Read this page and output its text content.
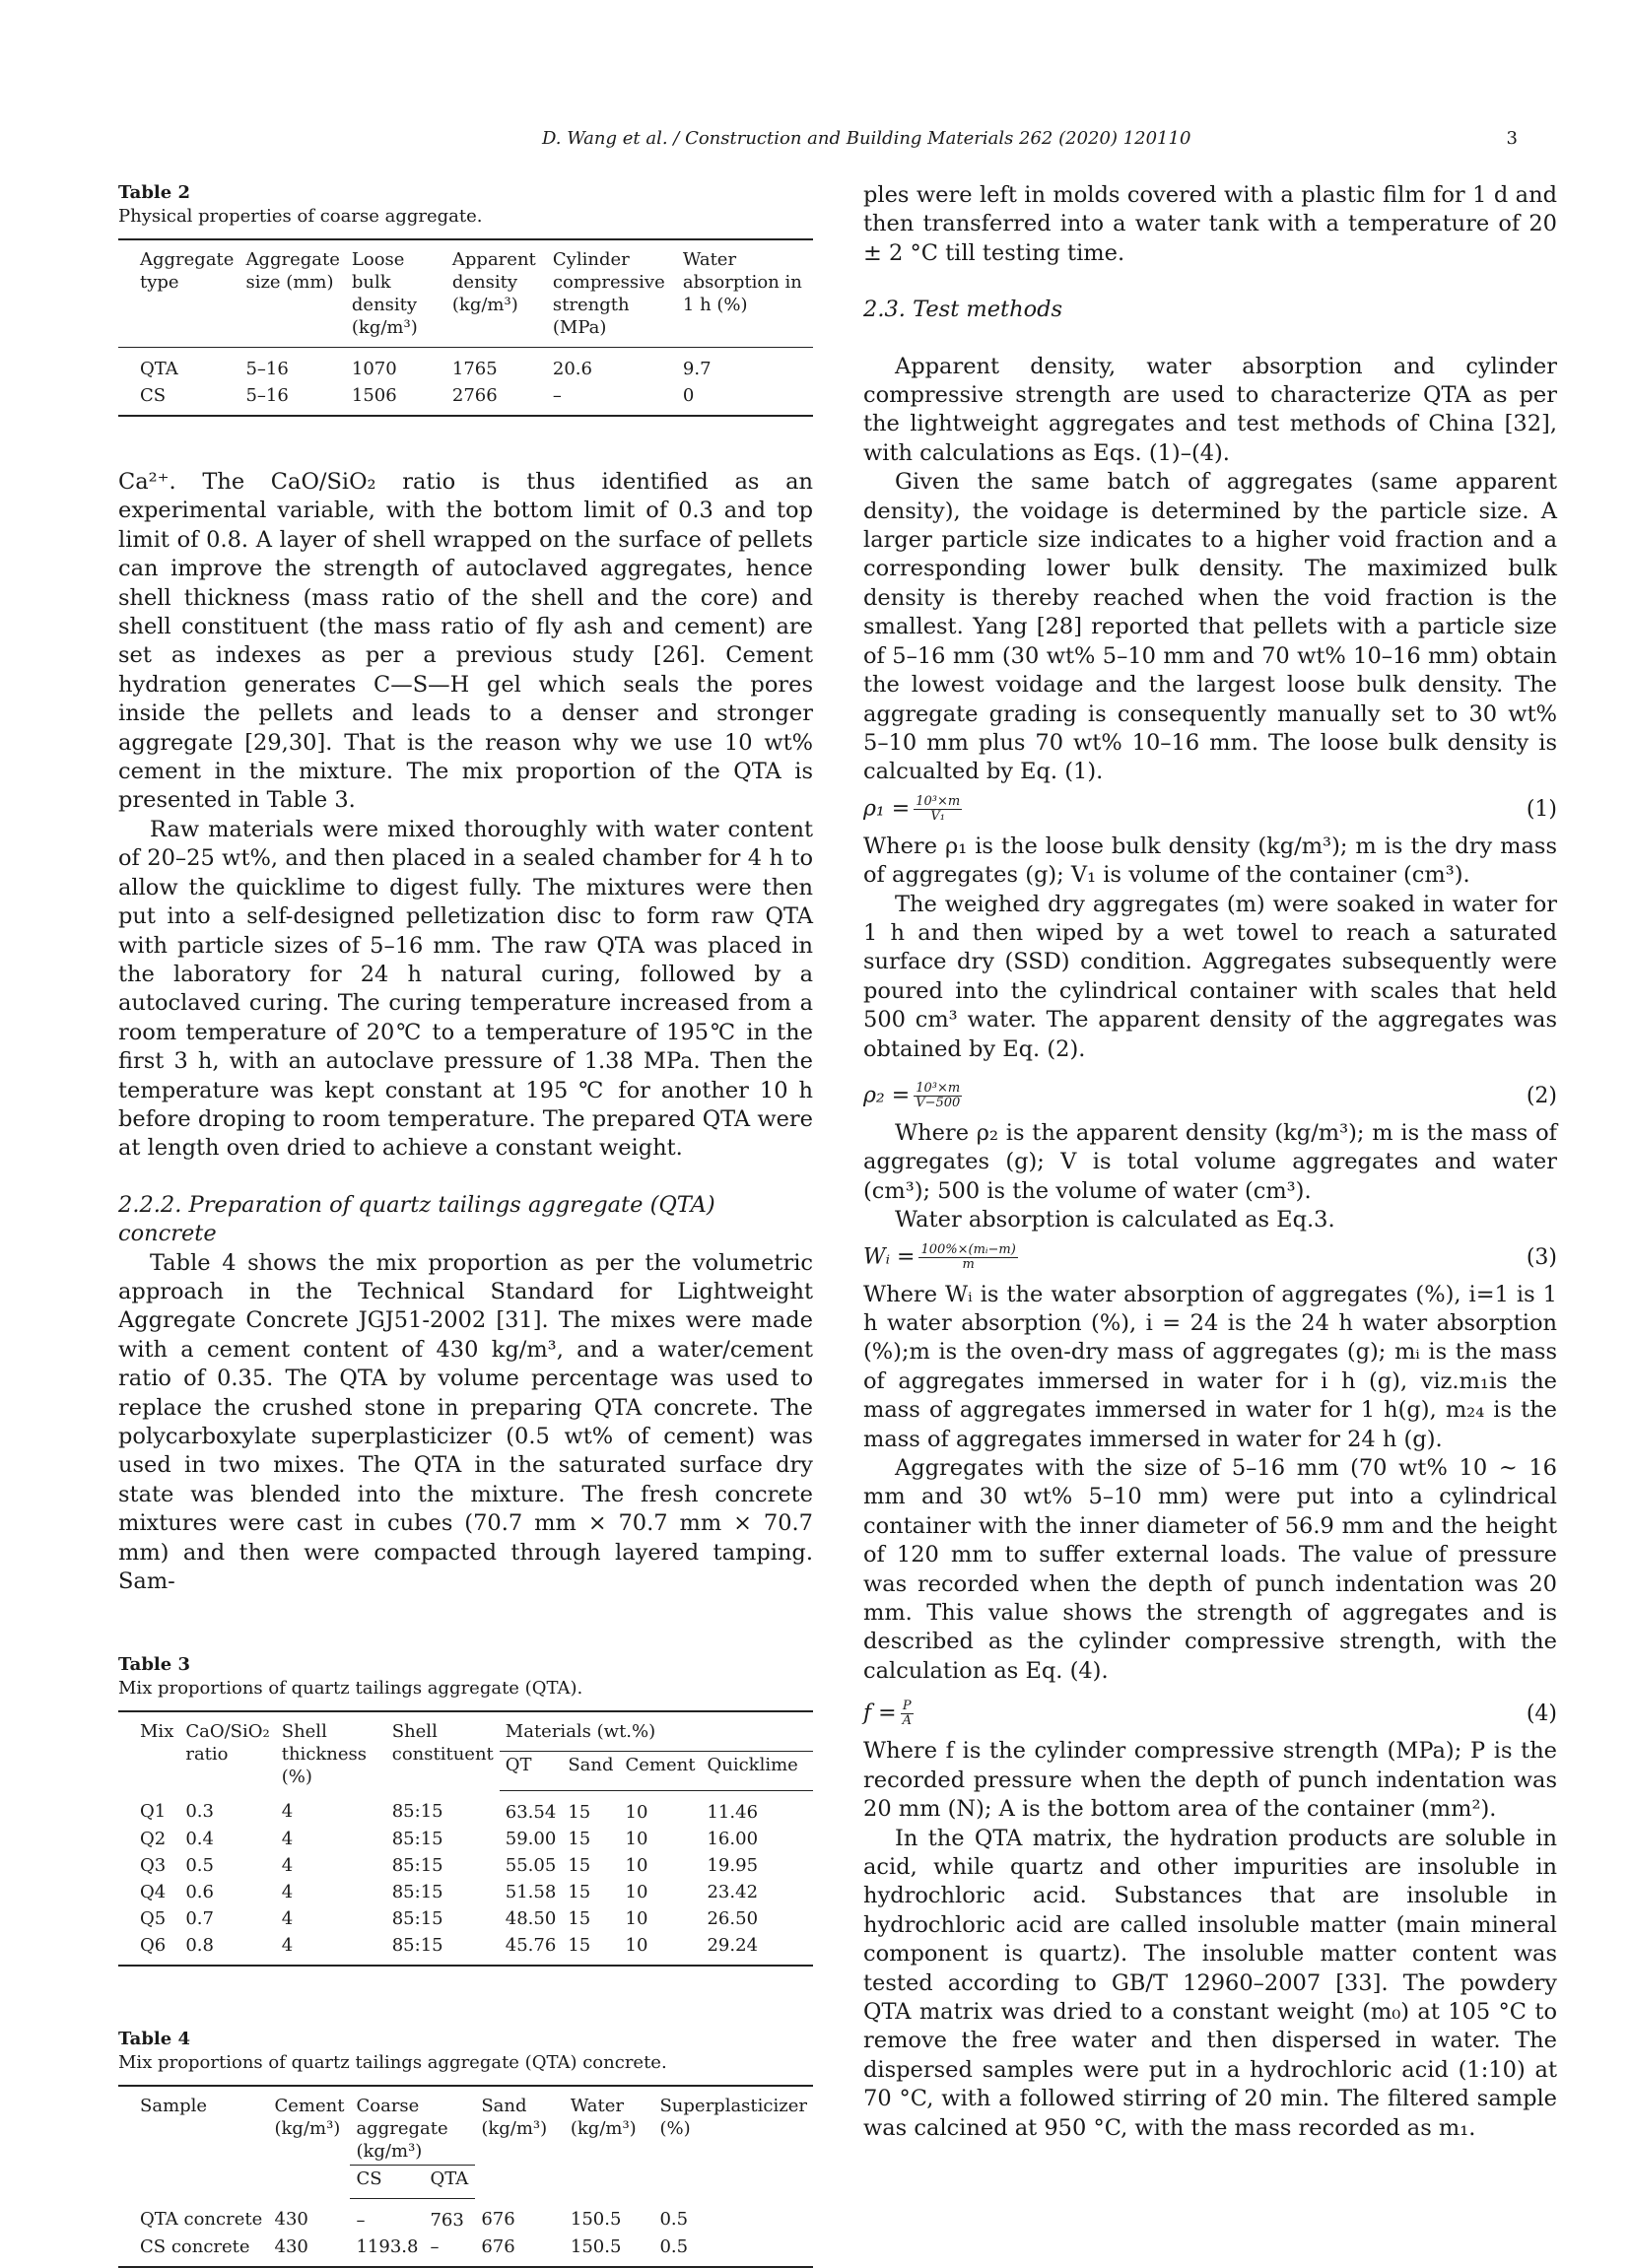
D. Wang et al. / Construction and Building Materials 262 (2020) 120110	3
Table 2
Physical properties of coarse aggregate.
Aggregate type	Aggregate size (mm)	Loose bulk density (kg/m³)	Apparent density (kg/m³)	Cylinder compressive strength (MPa)	Water absorption in 1 h (%)
QTA	5–16	1070	1765	20.6	9.7
CS	5–16	1506	2766	–	0

Ca²⁺. The CaO/SiO₂ ratio is thus identified as an experimental variable, with the bottom limit of 0.3 and top limit of 0.8. A layer of shell wrapped on the surface of pellets can improve the strength of autoclaved aggregates, hence shell thickness (mass ratio of the shell and the core) and shell constituent (the mass ratio of fly ash and cement) are set as indexes as per a previous study [26]. Cement hydration generates C—S—H gel which seals the pores inside the pellets and leads to a denser and stronger aggregate [29,30]. That is the reason why we use 10 wt% cement in the mixture. The mix proportion of the QTA is presented in Table 3.

Raw materials were mixed thoroughly with water content of 20–25 wt%, and then placed in a sealed chamber for 4 h to allow the quicklime to digest fully. The mixtures were then put into a self-designed pelletization disc to form raw QTA with particle sizes of 5–16 mm. The raw QTA was placed in the laboratory for 24 h natural curing, followed by a autoclaved curing. The curing temperature increased from a room temperature of 20℃ to a temperature of 195℃ in the first 3 h, with an autoclave pressure of 1.38 MPa. Then the temperature was kept constant at 195 ℃ for another 10 h before droping to room temperature. The prepared QTA were at length oven dried to achieve a constant weight.

2.2.2. Preparation of quartz tailings aggregate (QTA) concrete

Table 4 shows the mix proportion as per the volumetric approach in the Technical Standard for Lightweight Aggregate Concrete JGJ51-2002 [31]. The mixes were made with a cement content of 430 kg/m³, and a water/cement ratio of 0.35. The QTA by volume percentage was used to replace the crushed stone in preparing QTA concrete. The polycarboxylate superplasticizer (0.5 wt% of cement) was used in two mixes. The QTA in the saturated surface dry state was blended into the mixture. The fresh concrete mixtures were cast in cubes (70.7 mm × 70.7 mm × 70.7 mm) and then were compacted through layered tamping. Sam-

Table 3
Mix proportions of quartz tailings aggregate (QTA).
Mix	CaO/SiO₂ ratio	Shell thickness (%)	Shell constituent	Materials (wt.%)			
				QT	Sand	Cement	Quicklime
Q1	0.3	4	85:15	63.54	15	10	11.46
Q2	0.4	4	85:15	59.00	15	10	16.00
Q3	0.5	4	85:15	55.05	15	10	19.95
Q4	0.6	4	85:15	51.58	15	10	23.42
Q5	0.7	4	85:15	48.50	15	10	26.50
Q6	0.8	4	85:15	45.76	15	10	29.24
Table 4
Mix proportions of quartz tailings aggregate (QTA) concrete.
Sample	Cement (kg/m³)	Coarse aggregate (kg/m³)		Sand (kg/m³)	Water (kg/m³)	Superplasticizer (%)
		CS	QTA			
QTA concrete	430	–	763	676	150.5	0.5
CS concrete	430	1193.8	–	676	150.5	0.5

ples were left in molds covered with a plastic film for 1 d and then transferred into a water tank with a temperature of 20 ± 2 °C till testing time.

2.3. Test methods

Apparent density, water absorption and cylinder compressive strength are used to characterize QTA as per the lightweight aggregates and test methods of China [32], with calculations as Eqs. (1)–(4).

Given the same batch of aggregates (same apparent density), the voidage is determined by the particle size. A larger particle size indicates to a higher void fraction and a corresponding lower bulk density. The maximized bulk density is thereby reached when the void fraction is the smallest. Yang [28] reported that pellets with a particle size of 5–16 mm (30 wt% 5–10 mm and 70 wt% 10–16 mm) obtain the lowest voidage and the largest loose bulk density. The aggregate grading is consequently manually set to 30 wt% 5–10 mm plus 70 wt% 10–16 mm. The loose bulk density is calcualted by Eq. (1).

$\rho_1 = \frac{\text{10³×m}}{\text{V₁}}$	(1)

Where ρ₁ is the loose bulk density (kg/m³); m is the dry mass of aggregates (g); V₁ is volume of the container (cm³).

The weighed dry aggregates (m) were soaked in water for 1 h and then wiped by a wet towel to reach a saturated surface dry (SSD) condition. Aggregates subsequently were poured into the cylindrical container with scales that held 500 cm³ water. The apparent density of the aggregates was obtained by Eq. (2).

$\rho_2 = \frac{\text{10³×m}}{V-500}$	(2)

Where ρ₂ is the apparent density (kg/m³); m is the mass of aggregates (g); V is total volume aggregates and water (cm³); 500 is the volume of water (cm³).

Water absorption is calculated as Eq.3.

Wᵢ = $\frac{\text{100\%×(mᵢ−m)}}{m}$	(3)

Where Wᵢ is the water absorption of aggregates (%), i=1 is 1 h water absorption (%), i = 24 is the 24 h water absorption (%);m is the oven-dry mass of aggregates (g); mᵢ is the mass of aggregates immersed in water for i h (g), viz.m₁is the mass of aggregates immersed in water for 1 h(g), m₂₄ is the mass of aggregates immersed in water for 24 h (g).

Aggregates with the size of 5–16 mm (70 wt% 10 ~ 16 mm and 30 wt% 5–10 mm) were put into a cylindrical container with the inner diameter of 56.9 mm and the height of 120 mm to suffer external loads. The value of pressure was recorded when the depth of punch indentation was 20 mm. This value shows the strength of aggregates and is described as the cylinder compressive strength, with the calculation as Eq. (4).

$f = \frac{P}{A}$	(4)

Where f is the cylinder compressive strength (MPa); P is the recorded pressure when the depth of punch indentation was 20 mm (N); A is the bottom area of the container (mm²).

In the QTA matrix, the hydration products are soluble in acid, while quartz and other impurities are insoluble in hydrochloric acid. Substances that are insoluble in hydrochloric acid are called insoluble matter (main mineral component is quartz). The insoluble matter content was tested according to GB/T 12960–2007 [33]. The powdery QTA matrix was dried to a constant weight (m₀) at 105 °C to remove the free water and then dispersed in water. The dispersed samples were put in a hydrochloric acid (1:10) at 70 °C, with a followed stirring of 20 min. The filtered sample was calcined at 950 °C, with the mass recorded as m₁.
